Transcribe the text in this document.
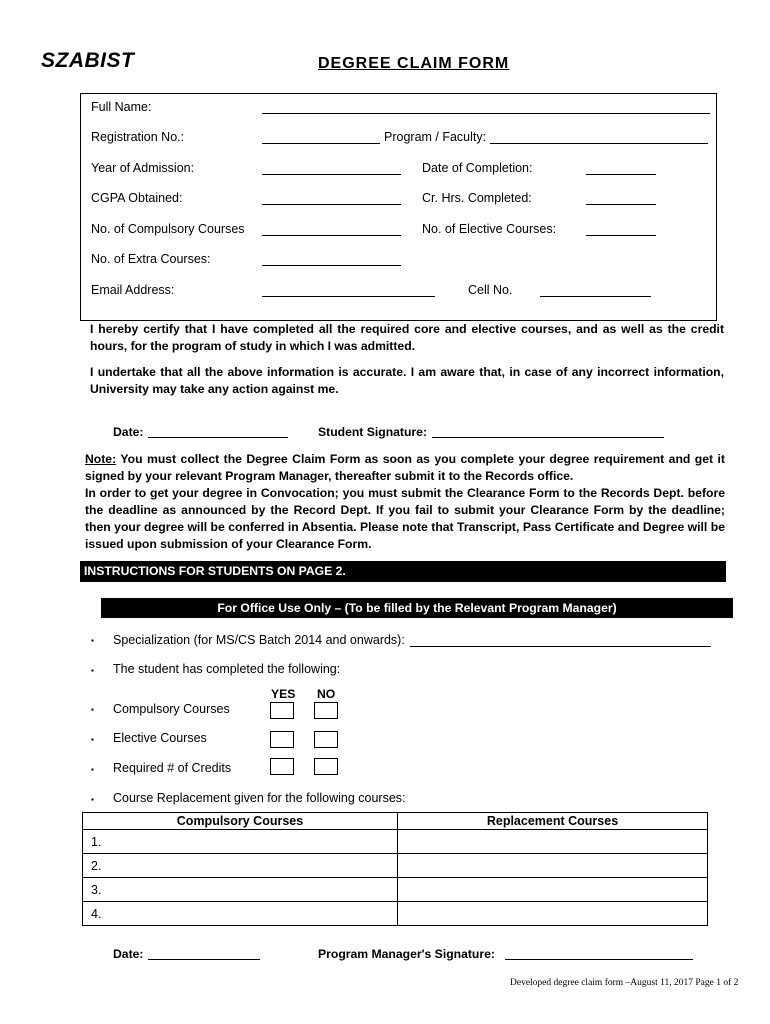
SZABIST	DEGREE CLAIM FORM
Full Name:
Registration No.:	Program / Faculty:
Year of Admission:	Date of Completion:
CGPA Obtained:	Cr. Hrs. Completed:
No. of Compulsory Courses	No. of Elective Courses:
No. of Extra Courses:
Email Address:	Cell No.
I hereby certify that I have completed all the required core and elective courses, and as well as the credit hours, for the program of study in which I was admitted.
I undertake that all the above information is accurate. I am aware that, in case of any incorrect information, University may take any action against me.
Date:	Student Signature:
Note: You must collect the Degree Claim Form as soon as you complete your degree requirement and get it signed by your relevant Program Manager, thereafter submit it to the Records office.
In order to get your degree in Convocation; you must submit the Clearance Form to the Records Dept. before the deadline as announced by the Record Dept. If you fail to submit your Clearance Form by the deadline; then your degree will be conferred in Absentia. Please note that Transcript, Pass Certificate and Degree will be issued upon submission of your Clearance Form.
INSTRUCTIONS FOR STUDENTS ON PAGE 2.
For Office Use Only – (To be filled by the Relevant Program Manager)
▪ Specialization (for MS/CS Batch 2014 and onwards):
▪ The student has completed the following:
YES NO
▪ Compulsory Courses
▪ Elective Courses
▪ Required # of Credits
▪ Course Replacement given for the following courses:
Compulsory Courses	Replacement Courses
1.	
2.	
3.	
4.	
Date:	Program Manager's Signature:
Developed degree claim form –August 11, 2017 Page 1 of 2
